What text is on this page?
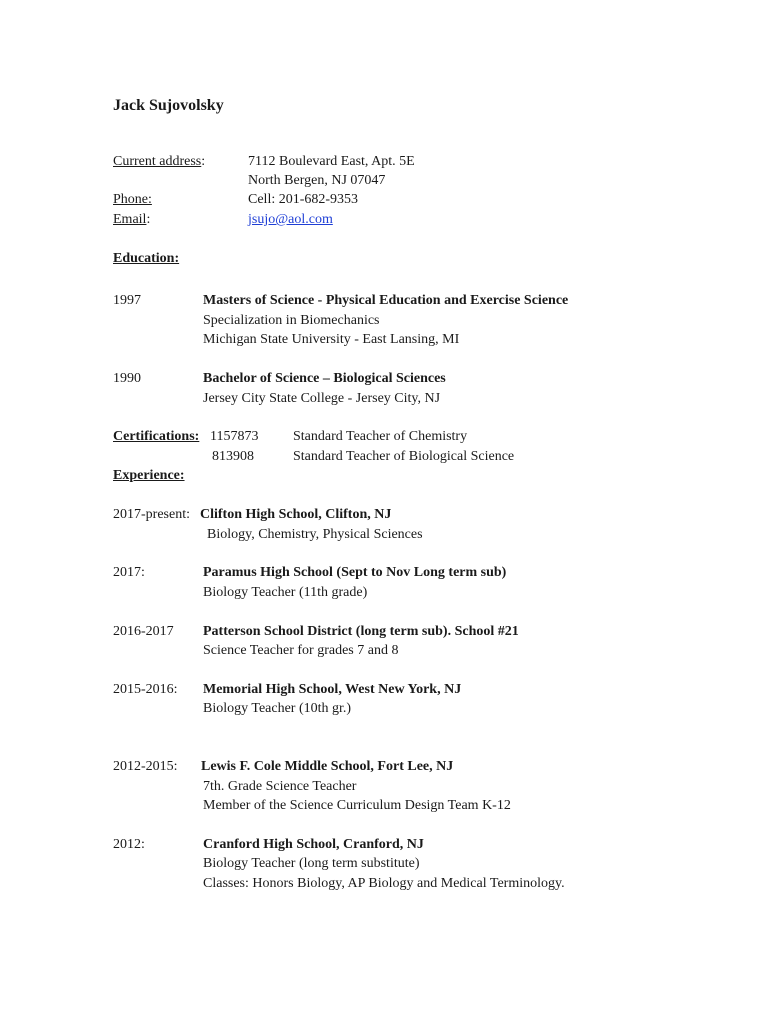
Jack Sujovolsky
Current address:	7112 Boulevard East, Apt. 5E
North Bergen, NJ 07047
Phone:	Cell: 201-682-9353
Email:	jsujo@aol.com
Education:
1997	Masters of Science - Physical Education and Exercise Science
Specialization in Biomechanics
Michigan State University - East Lansing, MI
1990	Bachelor of Science – Biological Sciences
Jersey City State College - Jersey City, NJ
Certifications: 1157873 Standard Teacher of Chemistry
813908	Standard Teacher of Biological Science
Experience:
2017-present: Clifton High School, Clifton, NJ
Biology, Chemistry, Physical Sciences
2017:	Paramus High School (Sept to Nov Long term sub)
Biology Teacher (11th grade)
2016-2017 Patterson School District (long term sub). School #21
Science Teacher for grades 7 and 8
2015-2016: Memorial High School, West New York, NJ
Biology Teacher (10th gr.)
2012-2015: Lewis F. Cole Middle School, Fort Lee, NJ
7th. Grade Science Teacher
Member of the Science Curriculum Design Team K-12
2012:	Cranford High School, Cranford, NJ
Biology Teacher (long term substitute)
Classes: Honors Biology, AP Biology and Medical Terminology.
